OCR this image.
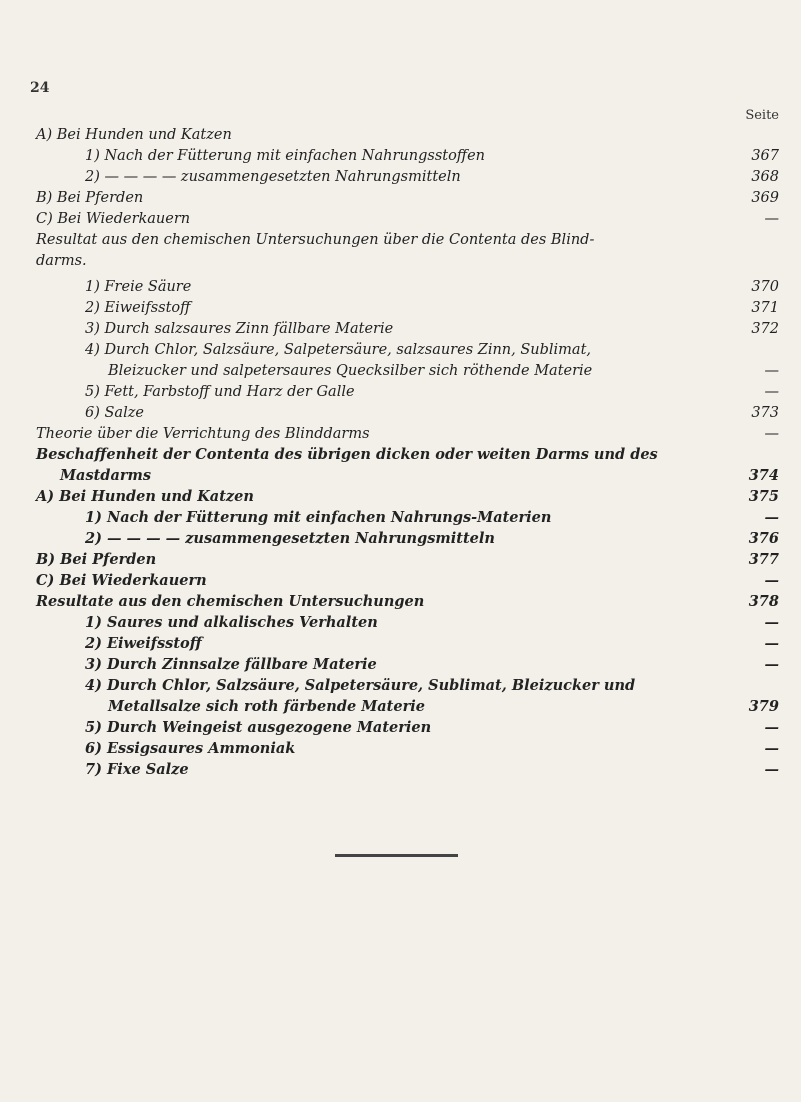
24
Seite
A) Bei Hunden und Katzen
1) Nach der Fütterung mit einfachen Nahrungsstoffen	367
2) — — — — zusammengesetzten Nahrungsmitteln	368
B) Bei Pferden	369
C) Bei Wiederkauern	—
Resultat aus den chemischen Untersuchungen über die Contenta des Blind-
darms.
1) Freie Säure	370
2) Eiweifsstoff	371
3) Durch salzsaures Zinn fällbare Materie	372
4) Durch Chlor, Salzsäure, Salpetersäure, salzsaures Zinn, Sublimat,
Bleizucker und salpetersaures Quecksilber sich röthende Materie	—
5) Fett, Farbstoff und Harz der Galle	—
6) Salze	373
Theorie über die Verrichtung des Blinddarms	—
Beschaffenheit der Contenta des übrigen dicken oder weiten Darms und des
Mastdarms	374
A) Bei Hunden und Katzen	375
1) Nach der Fütterung mit einfachen Nahrungs-Materien	—
2) — — — — zusammengesetzten Nahrungsmitteln	376
B) Bei Pferden	377
C) Bei Wiederkauern	—
Resultate aus den chemischen Untersuchungen	378
1) Saures und alkalisches Verhalten	—
2) Eiweifsstoff	—
3) Durch Zinnsalze fällbare Materie	—
4) Durch Chlor, Salzsäure, Salpetersäure, Sublimat, Bleizucker und
Metallsalze sich roth färbende Materie	379
5) Durch Weingeist ausgezogene Materien	—
6) Essigsaures Ammoniak	—
7) Fixe Salze	—
